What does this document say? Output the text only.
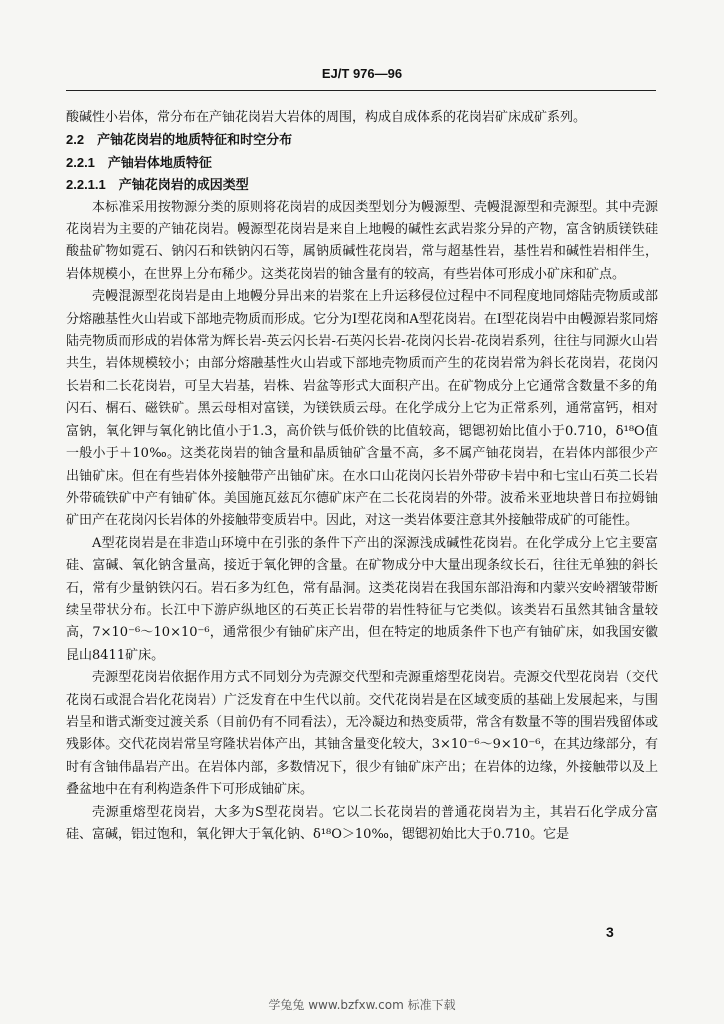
EJ/T 976—96

酸碱性小岩体，常分布在产铀花岗岩大岩体的周围，构成自成体系的花岗岩矿床成矿系列。

2.2　产铀花岗岩的地质特征和时空分布

2.2.1　产铀岩体地质特征

2.2.1.1　产铀花岗岩的成因类型

本标准采用按物源分类的原则将花岗岩的成因类型划分为幔源型、壳幔混源型和壳源型。其中壳源花岗岩为主要的产铀花岗岩。幔源型花岗岩是来自上地幔的碱性玄武岩浆分异的产物，富含钠质镁铁硅酸盐矿物如霓石、钠闪石和铁钠闪石等，属钠质碱性花岗岩，常与超基性岩，基性岩和碱性岩相伴生，岩体规模小，在世界上分布稀少。这类花岗岩的铀含量有的较高，有些岩体可形成小矿床和矿点。

壳幔混源型花岗岩是由上地幔分异出来的岩浆在上升运移侵位过程中不同程度地同熔陆壳物质或部分熔融基性火山岩或下部地壳物质而形成。它分为Ⅰ型花岗和A型花岗岩。在Ⅰ型花岗岩中由幔源岩浆同熔陆壳物质而形成的岩体常为辉长岩-英云闪长岩-石英闪长岩-花岗闪长岩-花岗岩系列，往往与同源火山岩共生，岩体规模较小；由部分熔融基性火山岩或下部地壳物质而产生的花岗岩常为斜长花岗岩，花岗闪长岩和二长花岗岩，可呈大岩基，岩株、岩盆等形式大面积产出。在矿物成分上它通常含数量不多的角闪石、榍石、磁铁矿。黑云母相对富镁，为镁铁质云母。在化学成分上它为正常系列，通常富钙，相对富钠，氧化钾与氧化钠比值小于1.3，高价铁与低价铁的比值较高，锶锶初始比值小于0.710，δ¹⁸O值一般小于＋10‰。这类花岗岩的铀含量和晶质铀矿含量不高，多不属产铀花岗岩，在岩体内部很少产出铀矿床。但在有些岩体外接触带产出铀矿床。在水口山花岗闪长岩外带矽卡岩中和七宝山石英二长岩外带硫铁矿中产有铀矿体。美国施瓦兹瓦尔德矿床产在二长花岗岩的外带。波希米亚地块普日布拉姆铀矿田产在花岗闪长岩体的外接触带变质岩中。因此，对这一类岩体要注意其外接触带成矿的可能性。

A型花岗岩是在非造山环境中在引张的条件下产出的深源浅成碱性花岗岩。在化学成分上它主要富硅、富碱、氧化钠含量高，接近于氧化钾的含量。在矿物成分中大量出现条纹长石，往往无单独的斜长石，常有少量钠铁闪石。岩石多为红色，常有晶洞。这类花岗岩在我国东部沿海和内蒙兴安岭褶皱带断续呈带状分布。长江中下游庐纵地区的石英正长岩带的岩性特征与它类似。该类岩石虽然其铀含量较高，7×10⁻⁶～10×10⁻⁶，通常很少有铀矿床产出，但在特定的地质条件下也产有铀矿床，如我国安徽昆山8411矿床。

壳源型花岗岩依据作用方式不同划分为壳源交代型和壳源重熔型花岗岩。壳源交代型花岗岩（交代花岗石或混合岩化花岗岩）广泛发育在中生代以前。交代花岗岩是在区域变质的基础上发展起来，与围岩呈和谐式渐变过渡关系（目前仍有不同看法），无冷凝边和热变质带，常含有数量不等的围岩残留体或残影体。交代花岗岩常呈穹隆状岩体产出，其铀含量变化较大，3×10⁻⁶～9×10⁻⁶，在其边缘部分，有时有含铀伟晶岩产出。在岩体内部，多数情况下，很少有铀矿床产出；在岩体的边缘，外接触带以及上叠盆地中在有利构造条件下可形成铀矿床。

壳源重熔型花岗岩，大多为S型花岗岩。它以二长花岗岩的普通花岗岩为主，其岩石化学成分富硅、富碱，铝过饱和，氧化钾大于氧化钠、δ¹⁸O＞10‰，锶锶初始比大于0.710。它是

3
学兔兔 www.bzfxw.com 标准下载
